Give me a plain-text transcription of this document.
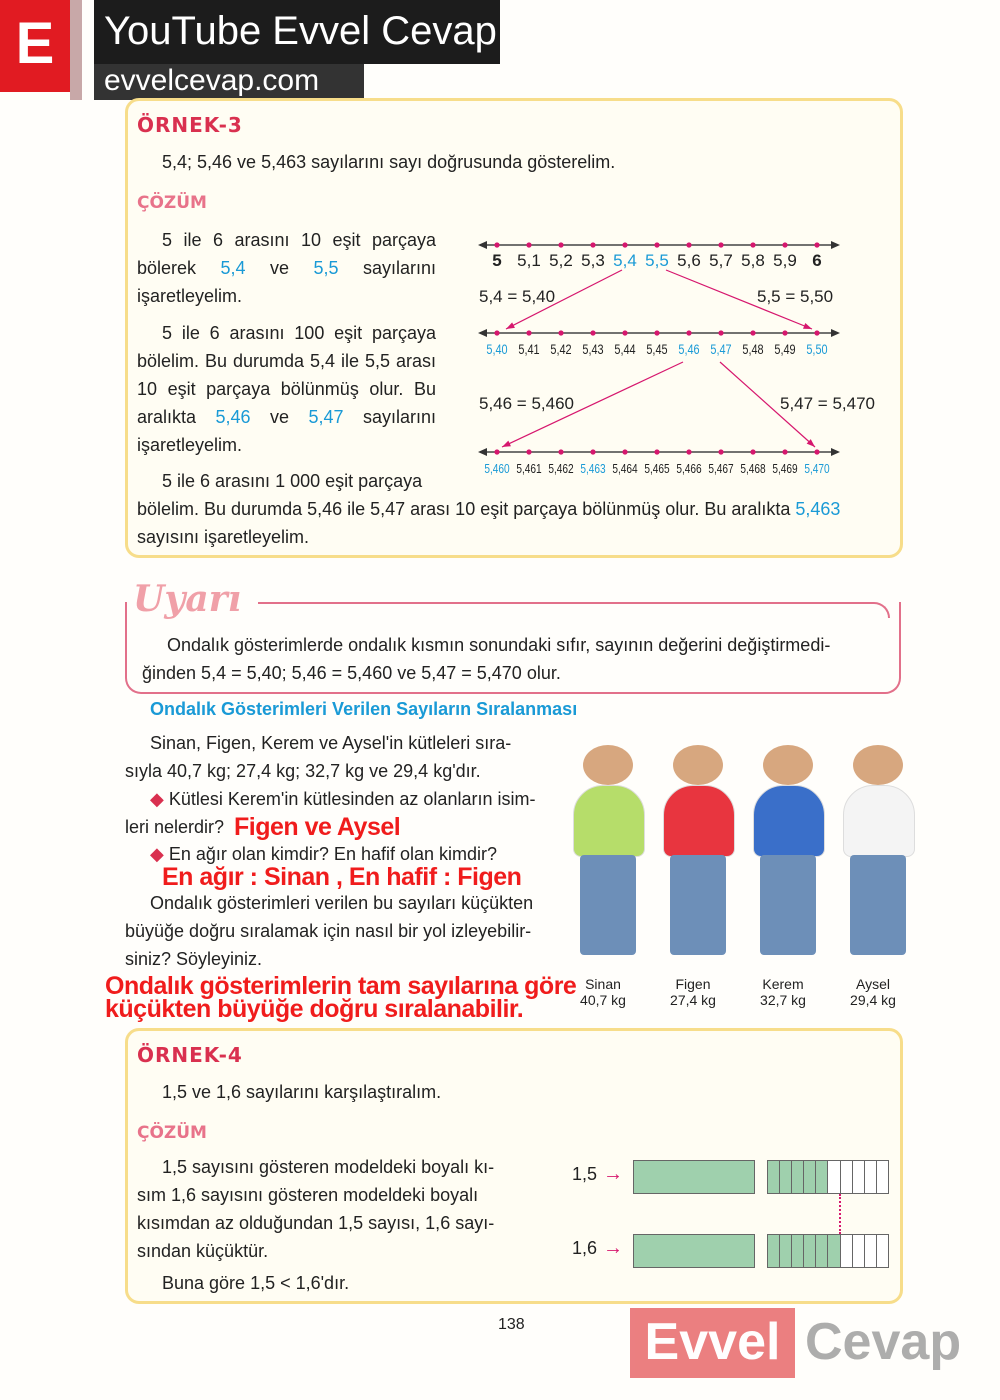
E	YouTube Evvel Cevap
evvelcevap.com
ÖRNEK-3
5,4; 5,46 ve 5,463 sayılarını sayı doğrusunda gösterelim.
ÇÖZÜM
5 ile 6 arasını 10 eşit parçaya bölerek 5,4 ve 5,5 sayılarını işaretleyelim.
5 ile 6 arasını 100 eşit parçaya bölelim. Bu durumda 5,4 ile 5,5 arası 10 eşit parçaya bölünmüş olur. Bu aralıkta 5,46 ve 5,47 sayılarını işaretleyelim.
5 ile 6 arasını 1 000 eşit parçaya
bölelim. Bu durumda 5,46 ile 5,47 arası 10 eşit parçaya bölünmüş olur. Bu aralıkta 5,463
sayısını işaretleyelim.
5 5,1 5,2 5,3 5,4 5,5 5,6 5,7 5,8 5,9 6
5,40 5,41 5,42 5,43 5,44 5,45 5,46 5,47 5,48 5,49 5,50
5,460 5,461 5,462 5,463 5,464 5,465 5,466 5,467 5,468 5,469 5,470
5,4 = 5,40	5,5 = 5,50
5,46 = 5,460	5,47 = 5,470
Uyarı
Ondalık gösterimlerde ondalık kısmın sonundaki sıfır, sayının değerini değiştirmedi-
ğinden 5,4 = 5,40; 5,46 = 5,460 ve 5,47 = 5,470 olur.
Ondalık Gösterimleri Verilen Sayıların Sıralanması
Sinan, Figen, Kerem ve Aysel'in kütleleri sıra-
sıyla 40,7 kg; 27,4 kg; 32,7 kg ve 29,4 kg'dır.
◆ Kütlesi Kerem'in kütlesinden az olanların isim-
leri nelerdir? Figen ve Aysel
◆ En ağır olan kimdir? En hafif olan kimdir?
En ağır : Sinan , En hafif : Figen
Ondalık gösterimleri verilen bu sayıları küçükten
büyüğe doğru sıralamak için nasıl bir yol izleyebilir-
siniz? Söyleyiniz.
Ondalık gösterimlerin tam sayılarına göre
küçükten büyüğe doğru sıralanabilir.
Sinan
40,7 kg
Figen
27,4 kg
Kerem
32,7 kg
Aysel
29,4 kg
ÖRNEK-4
1,5 ve 1,6 sayılarını karşılaştıralım.
ÇÖZÜM
1,5 sayısını gösteren modeldeki boyalı kı-
sım 1,6 sayısını gösteren modeldeki boyalı
kısımdan az olduğundan 1,5 sayısı, 1,6 sayı-
sından küçüktür.
Buna göre 1,5 < 1,6'dır.
1,5 →
1,6 →
138 Evvel Cevap
